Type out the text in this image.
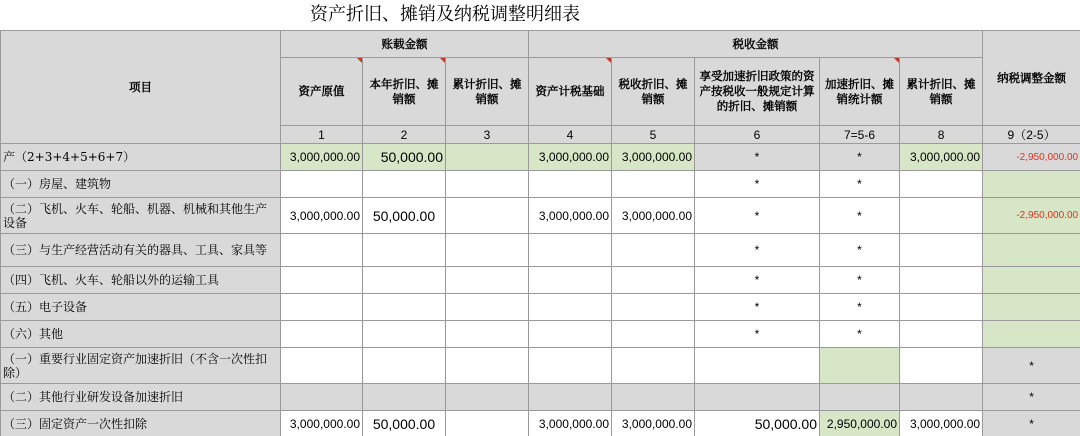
资产折旧、摊销及纳税调整明细表
项目	账载金额			税收金额					纳税调整金额
	资产原值	本年折旧、摊销额	累计折旧、摊销额	资产计税基础	税收折旧、摊销额	享受加速折旧政策的资产按税收一般规定计算的折旧、摊销额	加速折旧、摊销统计额	累计折旧、摊销额	
	1	2	3	4	5	6	7=5-6	8	9（2-5）
产（2+3+4+5+6+7）	3,000,000.00	50,000.00		3,000,000.00	3,000,000.00	*	*	3,000,000.00	-2,950,000.00
（一）房屋、建筑物						*	*		
（二）飞机、火车、轮船、机器、机械和其他生产设备	3,000,000.00	50,000.00		3,000,000.00	3,000,000.00	*	*		-2,950,000.00
（三）与生产经营活动有关的器具、工具、家具等						*	*		
（四）飞机、火车、轮船以外的运输工具						*	*		
（五）电子设备						*	*		
（六）其他						*	*		
（一）重要行业固定资产加速折旧（不含一次性扣除）									*
（二）其他行业研发设备加速折旧									*
（三）固定资产一次性扣除	3,000,000.00	50,000.00		3,000,000.00	3,000,000.00	50,000.00	2,950,000.00	3,000,000.00	*
